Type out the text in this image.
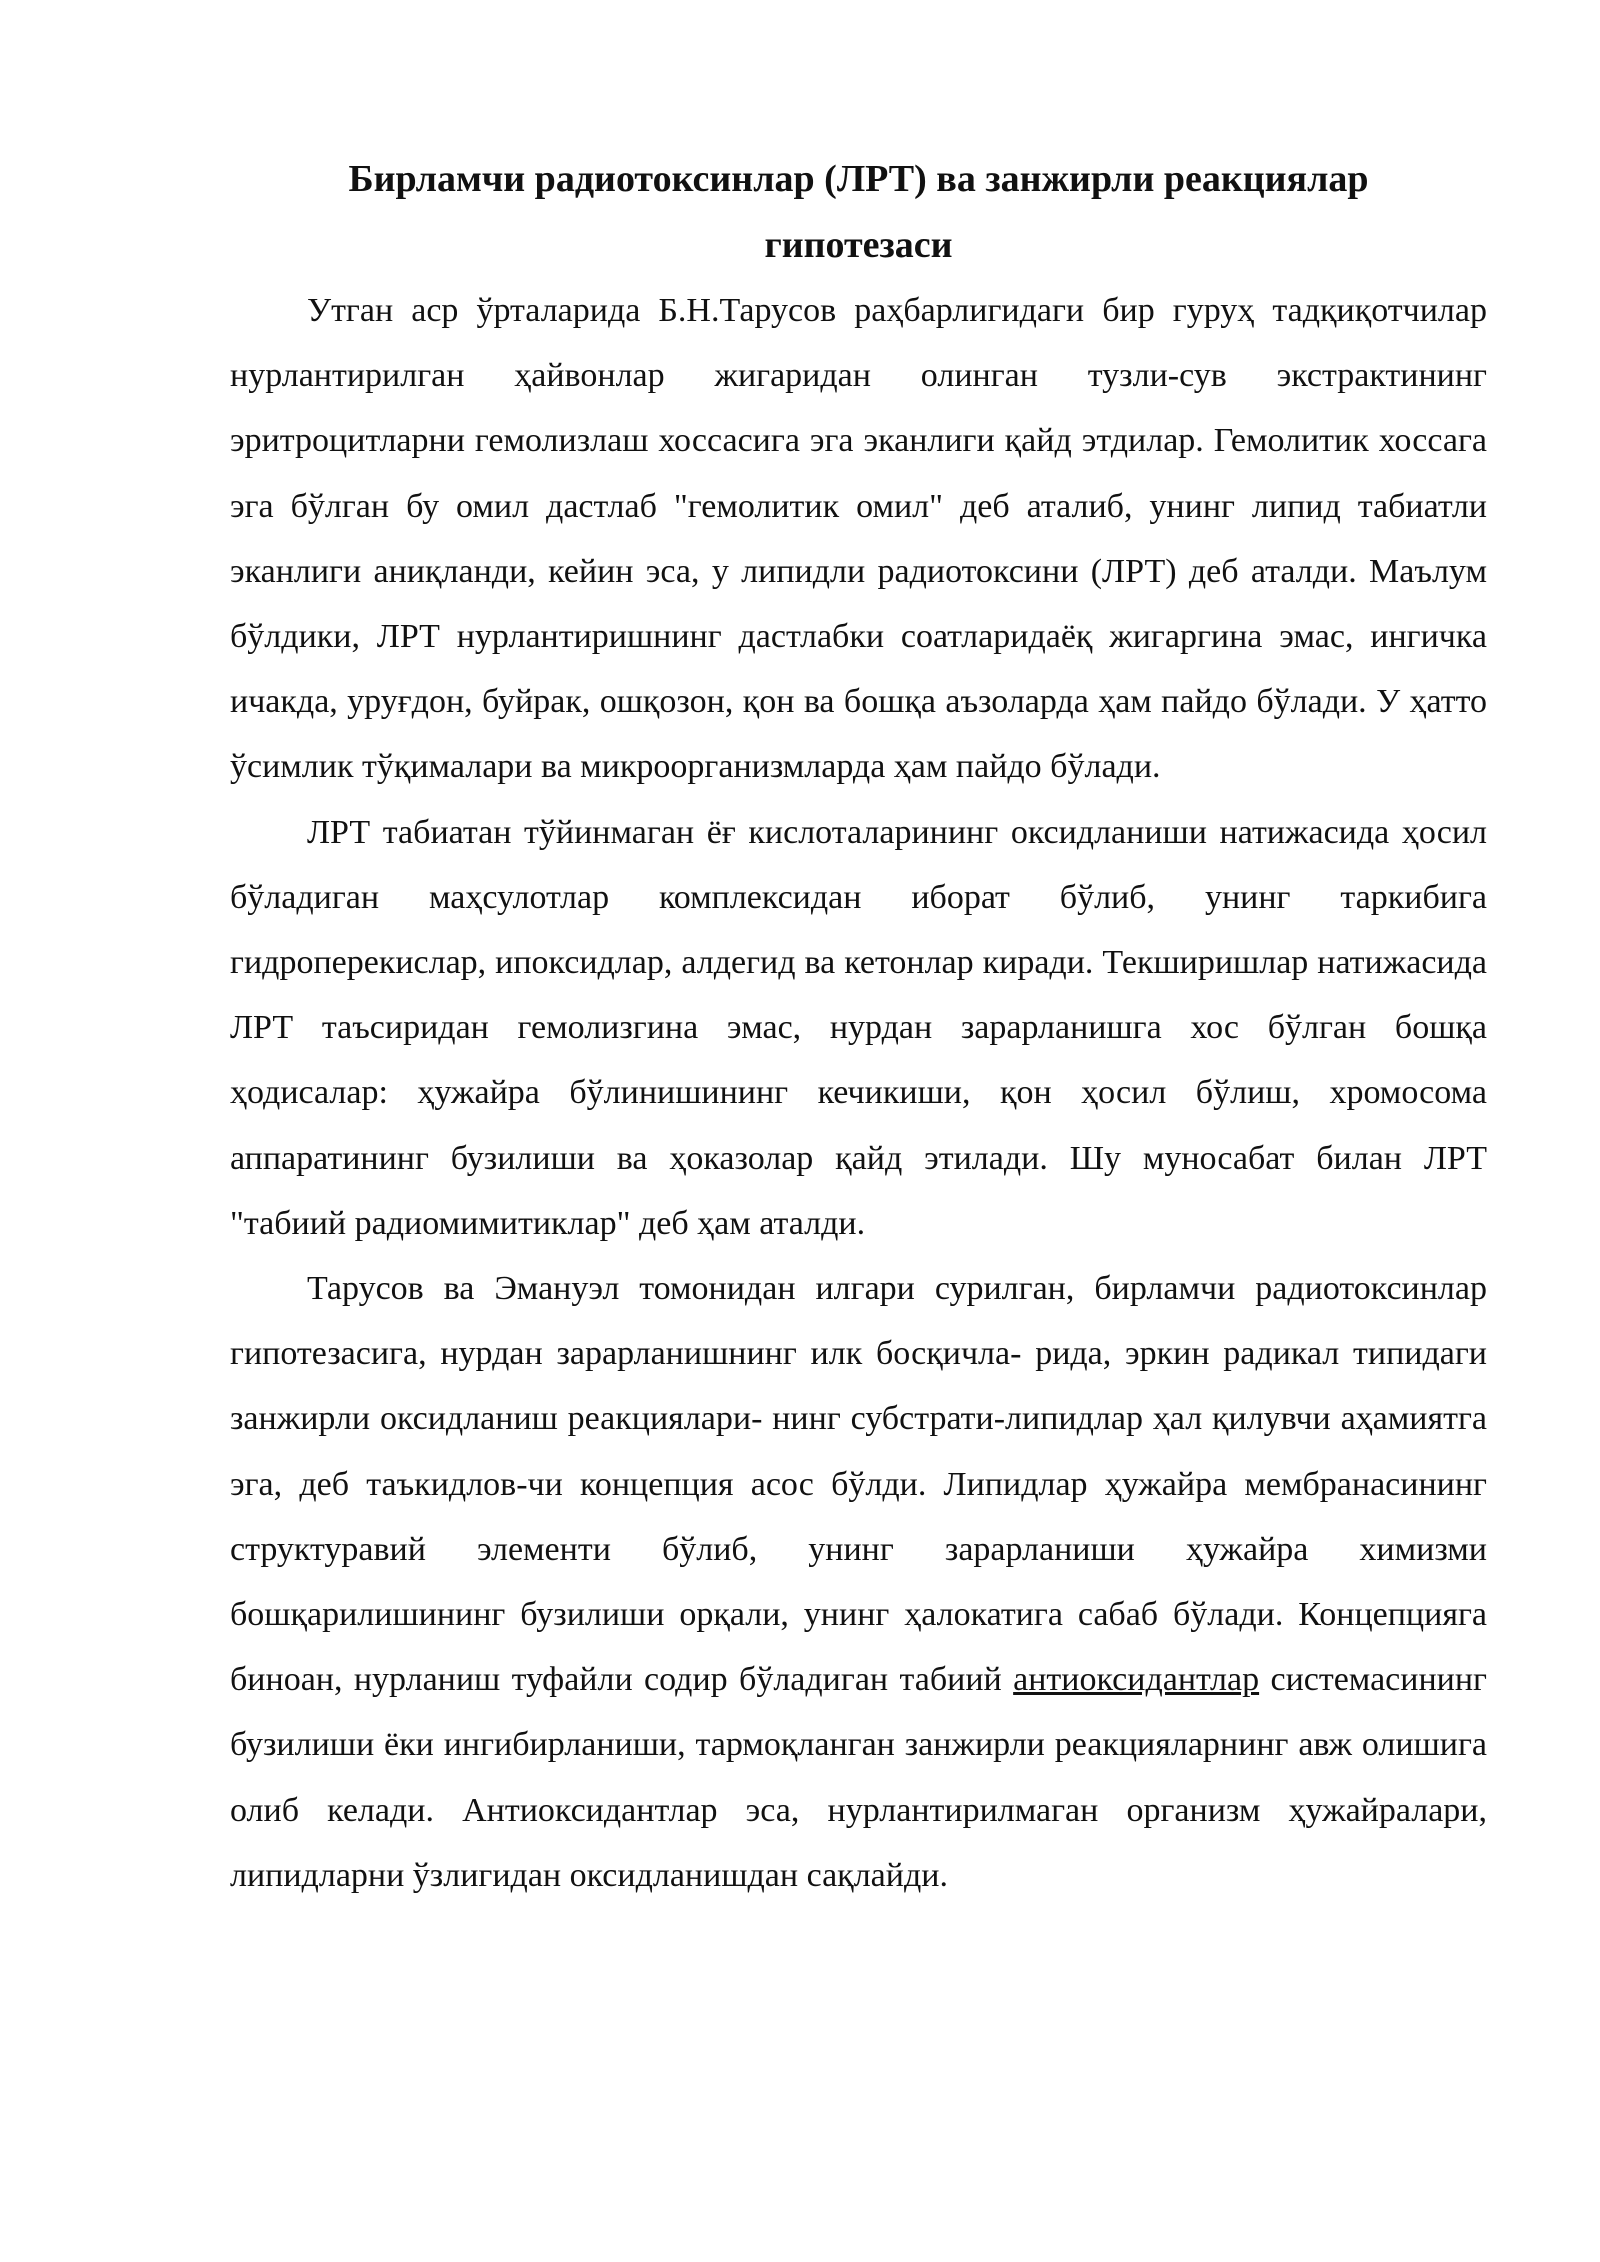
Бирламчи радиотоксинлар (ЛРТ) ва занжирли реакциялар
гипотезаси

Утган аср ўрталарида Б.Н.Тарусов раҳбарлигидаги бир гуруҳ тадқиқотчилар нурлантирилган ҳайвонлар жигаридан олинган тузли-сув экстрактининг эритроцитларни гемолизлаш хоссасига эга эканлиги қайд этдилар. Гемолитик хоссага эга бўлган бу омил дастлаб "гемолитик омил" деб аталиб, унинг липид табиатли эканлиги аниқланди, кейин эса, у липидли радиотоксини (ЛРТ) деб аталди. Маълум бўлдики, ЛРТ нурлантиришнинг дастлабки соатларидаёқ жигаргина эмас, ингичка ичакда, уруғдон, буйрак, ошқозон, қон ва бошқа аъзоларда ҳам пайдо бўлади. У ҳатто ўсимлик тўқималари ва микроорганизмларда ҳам пайдо бўлади.

ЛРТ табиатан тўйинмаган ёғ кислоталарининг оксидланиши натижасида ҳосил бўладиган маҳсулотлар комплексидан иборат бўлиб, унинг таркибига гидроперекислар, ипоксидлар, алдегид ва кетонлар киради. Текширишлар натижасида ЛРТ таъсиридан гемолизгина эмас, нурдан зарарланишга хос бўлган бошқа ҳодисалар: ҳужайра бўлинишининг кечикиши, қон ҳосил бўлиш, хромосома аппаратининг бузилиши ва ҳоказолар қайд этилади. Шу муносабат билан ЛРТ "табиий радиомимитиклар" деб ҳам аталди.

Тарусов ва Эмануэл томонидан илгари сурилган, бирламчи радиотоксинлар гипотезасига, нурдан зарарланишнинг илк босқичла- рида, эркин радикал типидаги занжирли оксидланиш реакциялари- нинг субстрати-липидлар ҳал қилувчи аҳамиятга эга, деб таъкидлов-чи концепция асос бўлди. Липидлар ҳужайра мембранасининг структуравий элементи бўлиб, унинг зарарланиши ҳужайра химизми бошқарилишининг бузилиши орқали, унинг ҳалокатига сабаб бўлади. Концепцияга биноан, нурланиш туфайли содир бўладиган табиий антиоксидантлар системасининг бузилиши ёки ингибирланиши, тармоқланган занжирли реакцияларнинг авж олишига олиб келади. Антиоксидантлар эса, нурлантирилмаган организм ҳужайралари, липидларни ўзлигидан оксидланишдан сақлайди.
